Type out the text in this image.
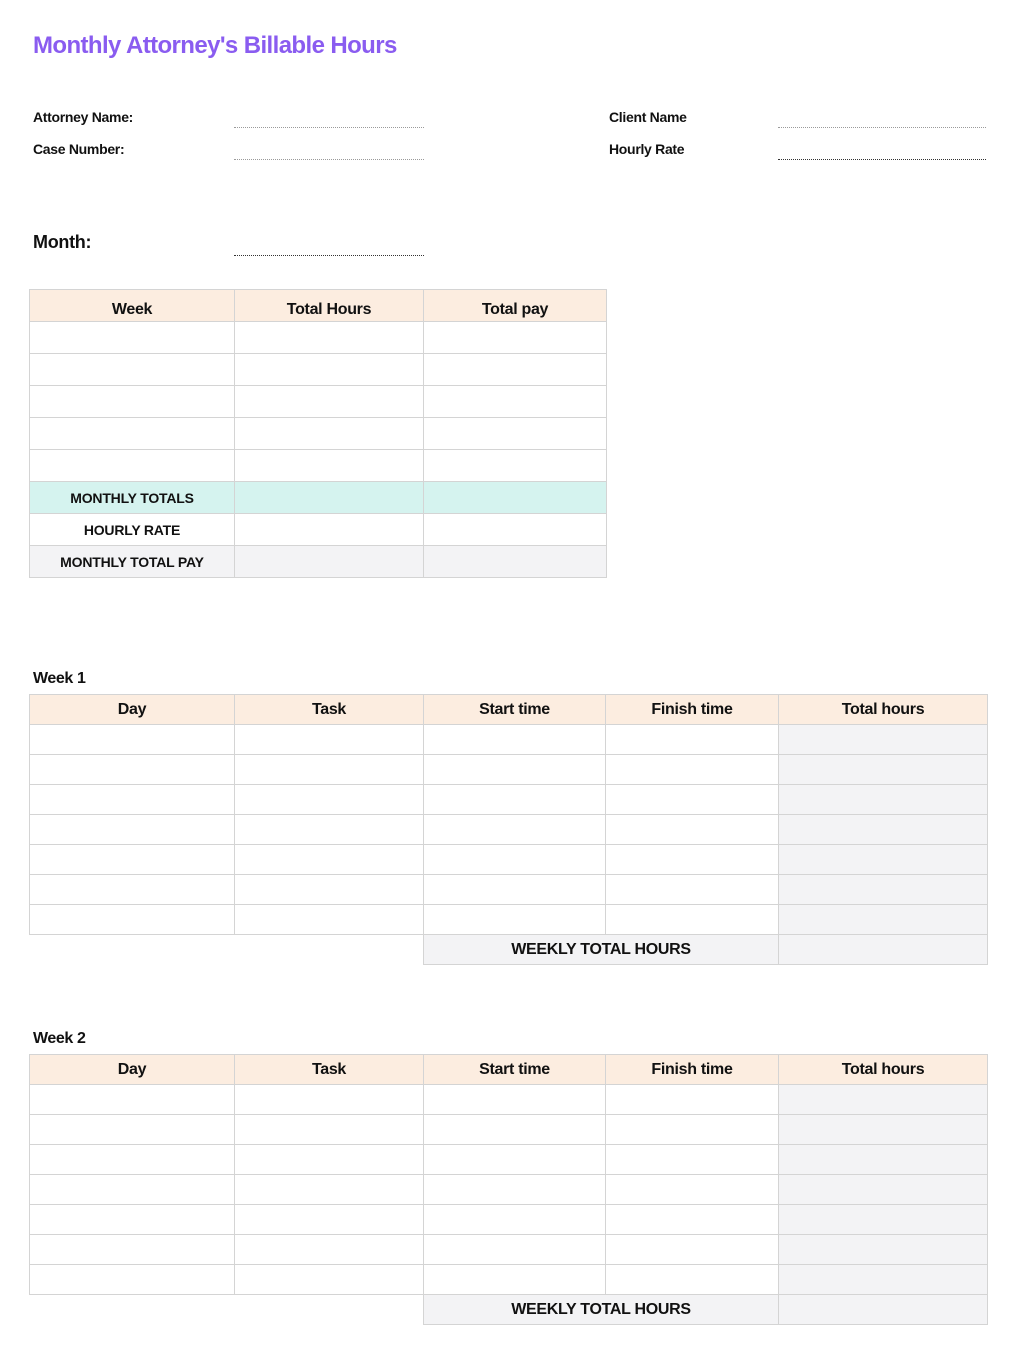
Monthly Attorney's Billable Hours
Attorney Name:
Case Number:
Client Name
Hourly Rate
Month:
Week	Total Hours	Total pay

MONTHLY TOTALS		
HOURLY RATE		
MONTHLY TOTAL PAY		
Week 1
Day	Task	Start time	Finish time	Total hours

		WEEKLY TOTAL HOURS		
Week 2
Day	Task	Start time	Finish time	Total hours

		WEEKLY TOTAL HOURS		
